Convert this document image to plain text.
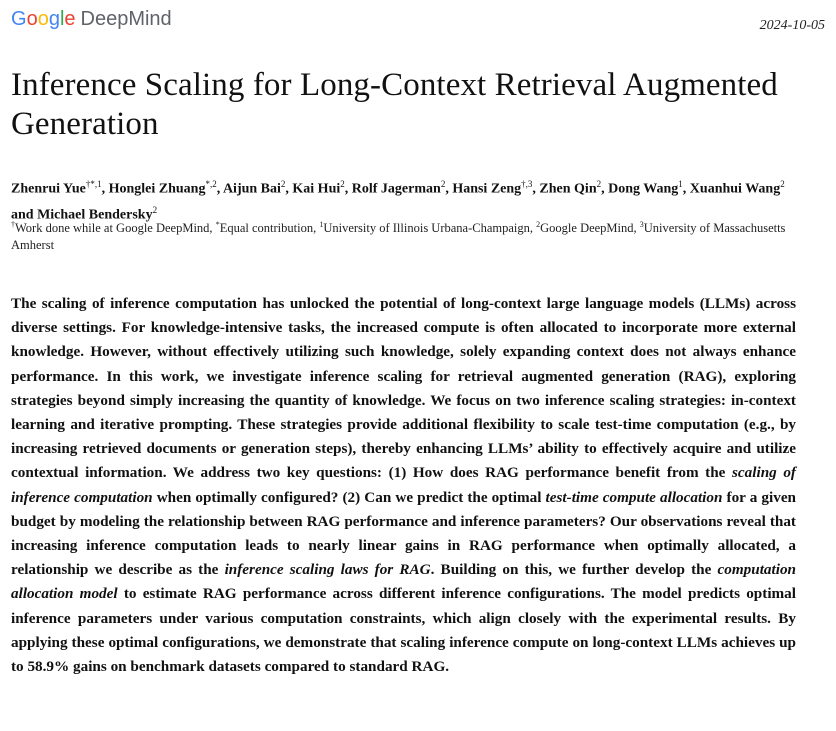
Google DeepMind	2024-10-05
Inference Scaling for Long-Context Retrieval Augmented Generation
Zhenrui Yue$^{\dagger*,1}$, Honglei Zhuang$^{*,2}$, Aijun Bai$^2$, Kai Hui$^2$, Rolf Jagerman$^2$, Hansi Zeng$^{\dagger,3}$, Zhen Qin$^2$, Dong Wang$^1$, Xuanhui Wang$^2$ and Michael Bendersky$^2$
†Work done while at Google DeepMind, *Equal contribution, $^1$University of Illinois Urbana-Champaign, $^2$Google DeepMind, $^3$University of Massachusetts Amherst
The scaling of inference computation has unlocked the potential of long-context large language models (LLMs) across diverse settings. For knowledge-intensive tasks, the increased compute is often allocated to incorporate more external knowledge. However, without effectively utilizing such knowledge, solely expanding context does not always enhance performance. In this work, we investigate inference scaling for retrieval augmented generation (RAG), exploring strategies beyond simply increasing the quantity of knowledge. We focus on two inference scaling strategies: in-context learning and iterative prompting. These strategies provide additional flexibility to scale test-time computation (e.g., by increasing retrieved documents or generation steps), thereby enhancing LLMs’ ability to effectively acquire and utilize contextual information. We address two key questions: (1) How does RAG performance benefit from the scaling of inference computation when optimally configured? (2) Can we predict the optimal test-time compute allocation for a given budget by modeling the relationship between RAG performance and inference parameters? Our observations reveal that increasing inference computation leads to nearly linear gains in RAG performance when optimally allocated, a relationship we describe as the inference scaling laws for RAG. Building on this, we further develop the computation allocation model to estimate RAG performance across different inference configurations. The model predicts optimal inference parameters under various computation constraints, which align closely with the experimental results. By applying these optimal configurations, we demonstrate that scaling inference compute on long-context LLMs achieves up to 58.9% gains on benchmark datasets compared to standard RAG.
